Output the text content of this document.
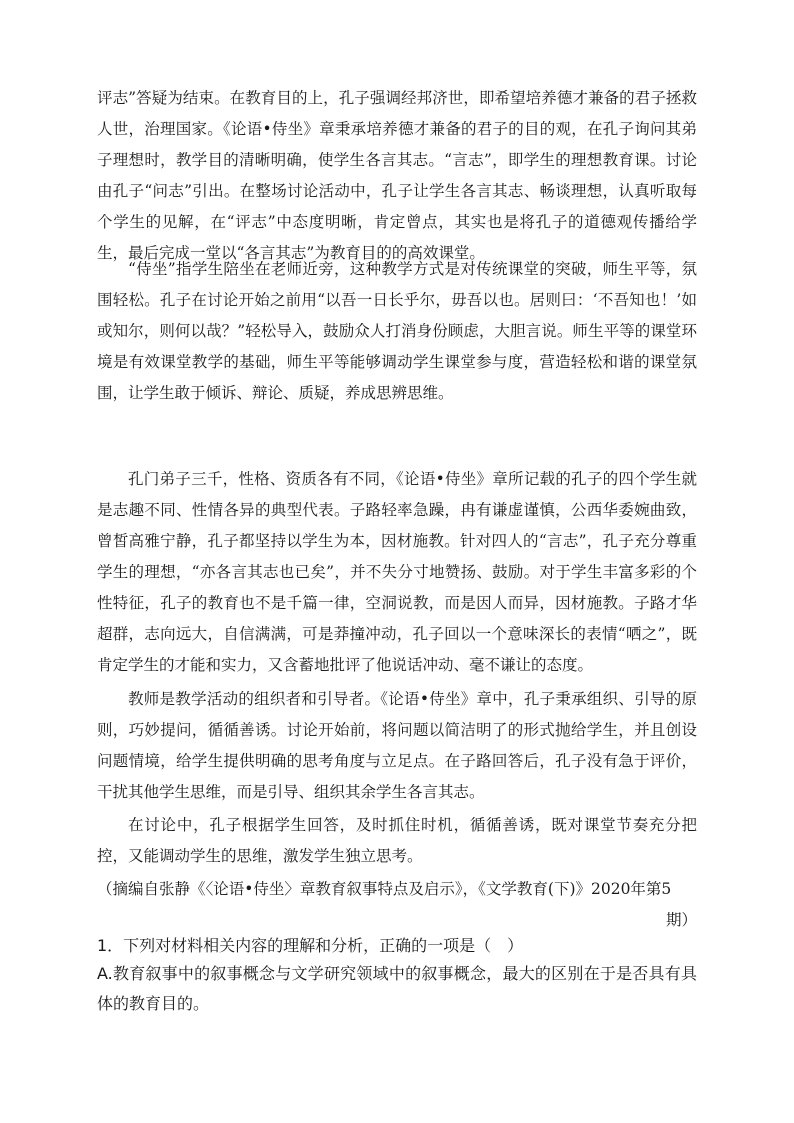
评志”答疑为结束。在教育目的上，孔子强调经邦济世，即希望培养德才兼备的君子拯救人世，治理国家。《论语•侍坐》章秉承培养德才兼备的君子的目的观，在孔子询问其弟子理想时，教学目的清晰明确，使学生各言其志。“言志”，即学生的理想教育课。讨论由孔子“问志”引出。在整场讨论活动中，孔子让学生各言其志、畅谈理想，认真听取每个学生的见解，在“评志”中态度明晰，肯定曾点，其实也是将孔子的道德观传播给学生，最后完成一堂以“各言其志”为教育目的的高效课堂。

“侍坐”指学生陪坐在老师近旁，这种教学方式是对传统课堂的突破，师生平等，氛围轻松。孔子在讨论开始之前用“以吾一日长乎尔，毋吾以也。居则曰：‘不吾知也！’如或知尔，则何以哉？”轻松导入，鼓励众人打消身份顾虑，大胆言说。师生平等的课堂环境是有效课堂教学的基础，师生平等能够调动学生课堂参与度，营造轻松和谐的课堂氛围，让学生敢于倾诉、辩论、质疑，养成思辨思维。

孔门弟子三千，性格、资质各有不同，《论语•侍坐》章所记载的孔子的四个学生就是志趣不同、性情各异的典型代表。子路轻率急躁，冉有谦虚谨慎，公西华委婉曲致，曾皙高雅宁静，孔子都坚持以学生为本，因材施教。针对四人的“言志”，孔子充分尊重学生的理想，“亦各言其志也已矣”，并不失分寸地赞扬、鼓励。对于学生丰富多彩的个性特征，孔子的教育也不是千篇一律，空洞说教，而是因人而异，因材施教。子路才华超群，志向远大，自信满满，可是莽撞冲动，孔子回以一个意味深长的表情“哂之”，既肯定学生的才能和实力，又含蓄地批评了他说话冲动、毫不谦让的态度。

教师是教学活动的组织者和引导者。《论语•侍坐》章中，孔子秉承组织、引导的原则，巧妙提问，循循善诱。讨论开始前，将问题以简洁明了的形式抛给学生，并且创设问题情境，给学生提供明确的思考角度与立足点。在子路回答后，孔子没有急于评价，干扰其他学生思维，而是引导、组织其余学生各言其志。

在讨论中，孔子根据学生回答，及时抓住时机，循循善诱，既对课堂节奏充分把控，又能调动学生的思维，激发学生独立思考。

（摘编自张静《〈论语•侍坐〉章教育叙事特点及启示》，《文学教育(下)》2020年第5
期）
1．下列对材料相关内容的理解和分析，正确的一项是（　）
A.教育叙事中的叙事概念与文学研究领域中的叙事概念，最大的区别在于是否具有具体的教育目的。
